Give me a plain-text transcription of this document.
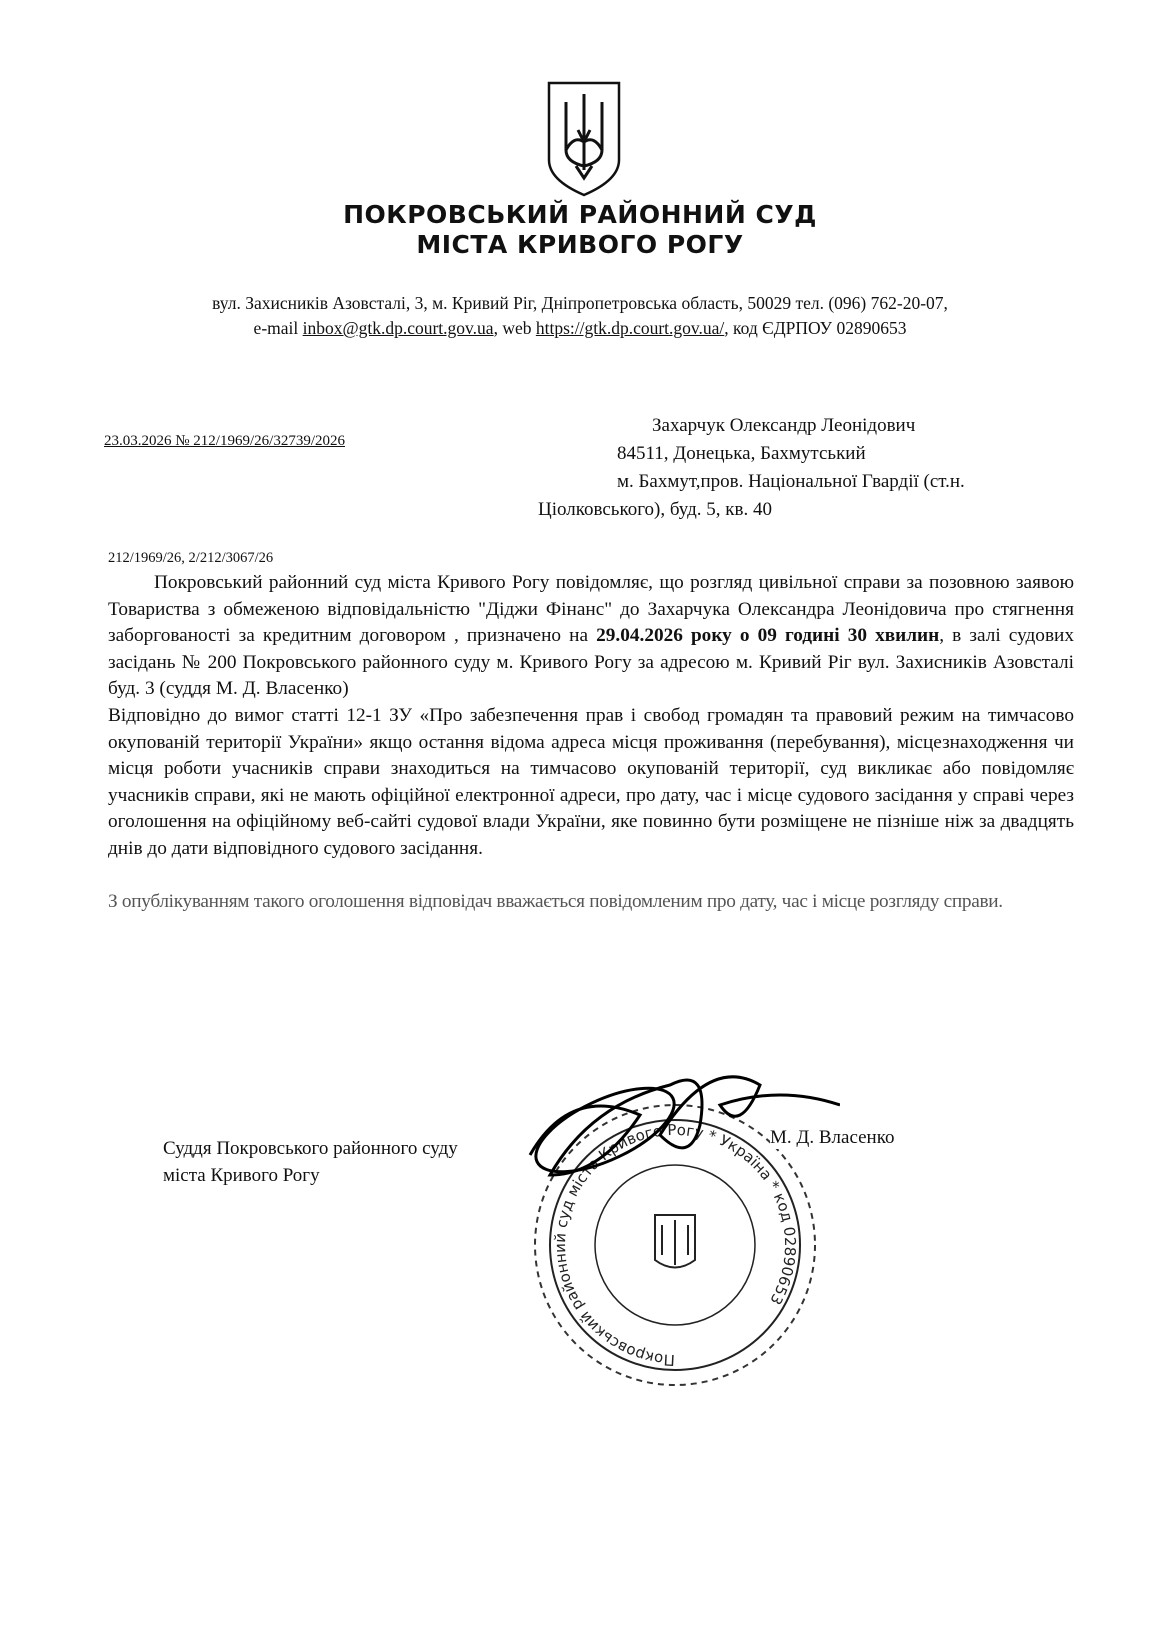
ПОКРОВСЬКИЙ РАЙОННИЙ СУД
МІСТА КРИВОГО РОГУ
вул. Захисників Азовсталі, 3, м. Кривий Ріг, Дніпропетровська область, 50029 тел. (096) 762-20-07,
e-mail inbox@gtk.dp.court.gov.ua, web https://gtk.dp.court.gov.ua/, код ЄДРПОУ 02890653
23.03.2026 № 212/1969/26/32739/2026
Захарчук Олександр Леонідович
84511, Донецька, Бахмутський
м. Бахмут,пров. Національної Гвардії (ст.н.
Ціолковського), буд. 5, кв. 40
212/1969/26, 2/212/3067/26

Покровський районний суд міста Кривого Рогу повідомляє, що розгляд цивільної справи за позовною заявою Товариства з обмеженою відповідальністю "Діджи Фінанс" до Захарчука Олександра Леонідовича про стягнення заборгованості за кредитним договором , призначено на 29.04.2026 року о 09 годині 30 хвилин, в залі судових засідань № 200 Покровського районного суду м. Кривого Рогу за адресою м. Кривий Ріг вул. Захисників Азовсталі буд. 3 (суддя М. Д. Власенко)

Відповідно до вимог статті 12-1 ЗУ «Про забезпечення прав і свобод громадян та правовий режим на тимчасово окупованій території України» якщо остання відома адреса місця проживання (перебування), місцезнаходження чи місця роботи учасників справи знаходиться на тимчасово окупованій території, суд викликає або повідомляє учасників справи, які не мають офіційної електронної адреси, про дату, час і місце судового засідання у справі через оголошення на офіційному веб-сайті судової влади України, яке повинно бути розміщене не пізніше ніж за двадцять днів до дати відповідного судового засідання.

З опублікуванням такого оголошення відповідач вважається повідомленим про дату, час і місце розгляду справи.

Суддя Покровського районного суду
міста Кривого Рогу
Покровський районний суд міста Кривого Рогу * Україна * код 02890653
М. Д. Власенко
